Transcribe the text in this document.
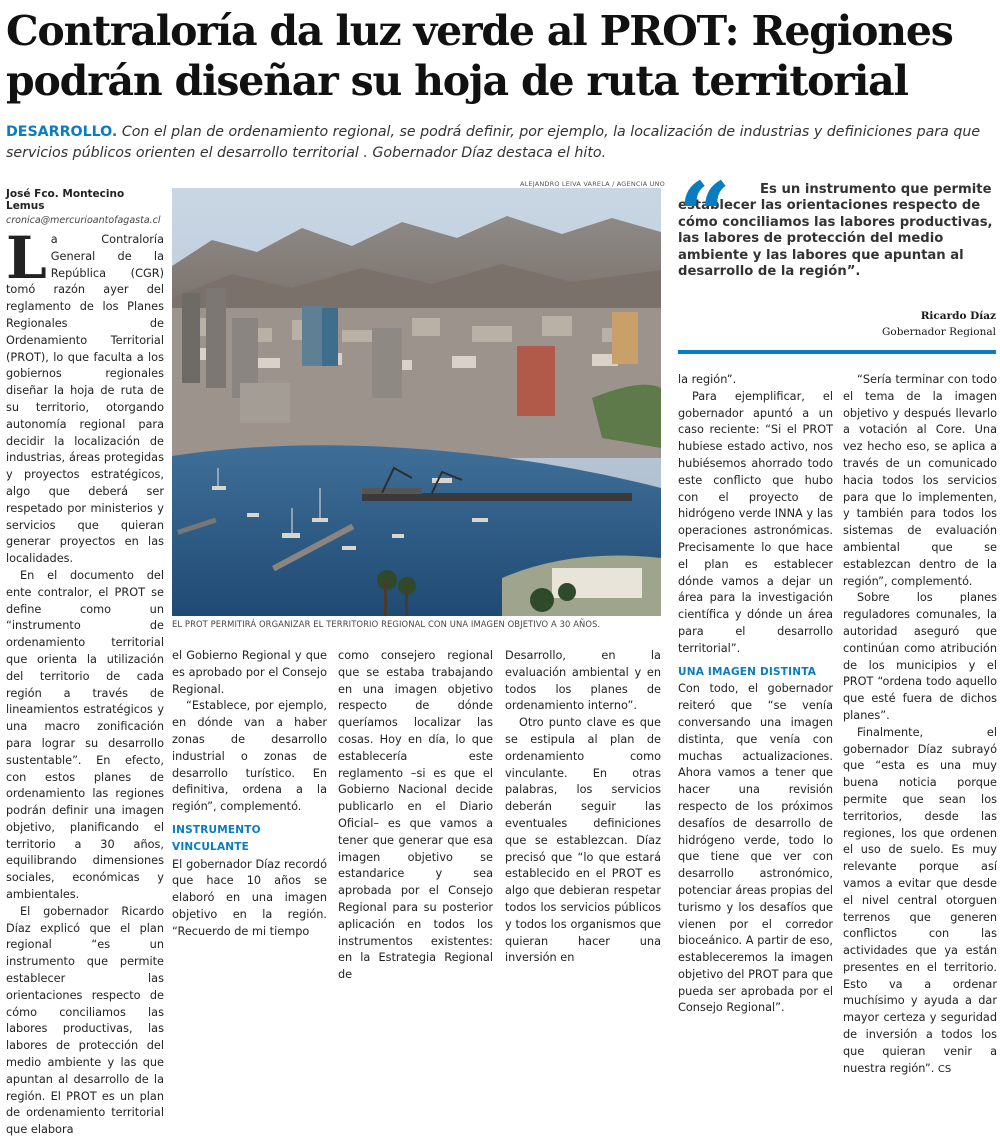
Contraloría da luz verde al PROT: Regiones podrán diseñar su hoja de ruta territorial
DESARROLLO. Con el plan de ordenamiento regional, se podrá definir, por ejemplo, la localización de industrias y definiciones para que servicios públicos orienten el desarrollo territorial . Gobernador Díaz destaca el hito.
José Fco. Montecino Lemus
cronica@mercurioantofagasta.cl
ALEJANDRO LEIVA VARELA / AGENCIA UNO
EL PROT PERMITIRÁ ORGANIZAR EL TERRITORIO REGIONAL CON UNA IMAGEN OBJETIVO A 30 AÑOS.
“	Es un instrumento que permite establecer las orientaciones respecto de cómo conciliamos las labores productivas, las labores de protección del medio ambiente y las labores que apuntan al desarrollo de la región”.
Ricardo Díaz
Gobernador Regional

La Contraloría General de la República (CGR) tomó razón ayer del reglamento de los Planes Regionales de Ordenamiento Territorial (PROT), lo que faculta a los gobiernos regionales diseñar la hoja de ruta de su territorio, otorgando autonomía regional para decidir la localización de industrias, áreas protegidas y proyectos estratégicos, algo que deberá ser respetado por ministerios y servicios que quieran generar proyectos en las localidades.

En el documento del ente contralor, el PROT se define como un “instrumento de ordenamiento territorial que orienta la utilización del territorio de cada región a través de lineamientos estratégicos y una macro zonificación para lograr su desarrollo sustentable”. En efecto, con estos planes de ordenamiento las regiones podrán definir una imagen objetivo, planificando el territorio a 30 años, equilibrando dimensiones sociales, económicas y ambientales.

El gobernador Ricardo Díaz explicó que el plan regional “es un instrumento que permite establecer las orientaciones respecto de cómo conciliamos las labores productivas, las labores de protección del medio ambiente y las que apuntan al desarrollo de la región. El PROT es un plan de ordenamiento territorial que elabora

el Gobierno Regional y que es aprobado por el Consejo Regional.

“Establece, por ejemplo, en dónde van a haber zonas de desarrollo industrial o zonas de desarrollo turístico. En definitiva, ordena a la región”, complementó.

INSTRUMENTO VINCULANTE

El gobernador Díaz recordó que hace 10 años se elaboró en una imagen objetivo en la región. “Recuerdo de mi tiempo

como consejero regional que se estaba trabajando en una imagen objetivo respecto de dónde queríamos localizar las cosas. Hoy en día, lo que establecería este reglamento –si es que el Gobierno Nacional decide publicarlo en el Diario Oficial– es que vamos a tener que generar que esa imagen objetivo se estandarice y sea aprobada por el Consejo Regional para su posterior aplicación en todos los instrumentos existentes: en la Estrategia Regional de

Desarrollo, en la evaluación ambiental y en todos los planes de ordenamiento interno”.

Otro punto clave es que se estipula al plan de ordenamiento como vinculante. En otras palabras, los servicios deberán seguir las eventuales definiciones que se establezcan. Díaz precisó que “lo que estará establecido en el PROT es algo que debieran respetar todos los servicios públicos y todos los organismos que quieran hacer una inversión en

la región”.

Para ejemplificar, el gobernador apuntó a un caso reciente: “Si el PROT hubiese estado activo, nos hubiésemos ahorrado todo este conflicto que hubo con el proyecto de hidrógeno verde INNA y las operaciones astronómicas. Precisamente lo que hace el plan es establecer dónde vamos a dejar un área para la investigación científica y dónde un área para el desarrollo territorial”.

UNA IMAGEN DISTINTA

Con todo, el gobernador reiteró que “se venía conversando una imagen distinta, que venía con muchas actualizaciones. Ahora vamos a tener que hacer una revisión respecto de los próximos desafíos de desarrollo de hidrógeno verde, todo lo que tiene que ver con desarrollo astronómico, potenciar áreas propias del turismo y los desafíos que vienen por el corredor bioceánico. A partir de eso, estableceremos la imagen objetivo del PROT para que pueda ser aprobada por el Consejo Regional”.

“Sería terminar con todo el tema de la imagen objetivo y después llevarlo a votación al Core. Una vez hecho eso, se aplica a través de un comunicado hacia todos los servicios para que lo implementen, y también para todos los sistemas de evaluación ambiental que se establezcan dentro de la región”, complementó.

Sobre los planes reguladores comunales, la autoridad aseguró que continúan como atribución de los municipios y el PROT “ordena todo aquello que esté fuera de dichos planes”.

Finalmente, el gobernador Díaz subrayó que “esta es una muy buena noticia porque permite que sean los territorios, desde las regiones, los que ordenen el uso de suelo. Es muy relevante porque así vamos a evitar que desde el nivel central otorguen terrenos que generen conflictos con las actividades que ya están presentes en el territorio. Esto va a ordenar muchísimo y ayuda a dar mayor certeza y seguridad de inversión a todos los que quieran venir a nuestra región”. CS
